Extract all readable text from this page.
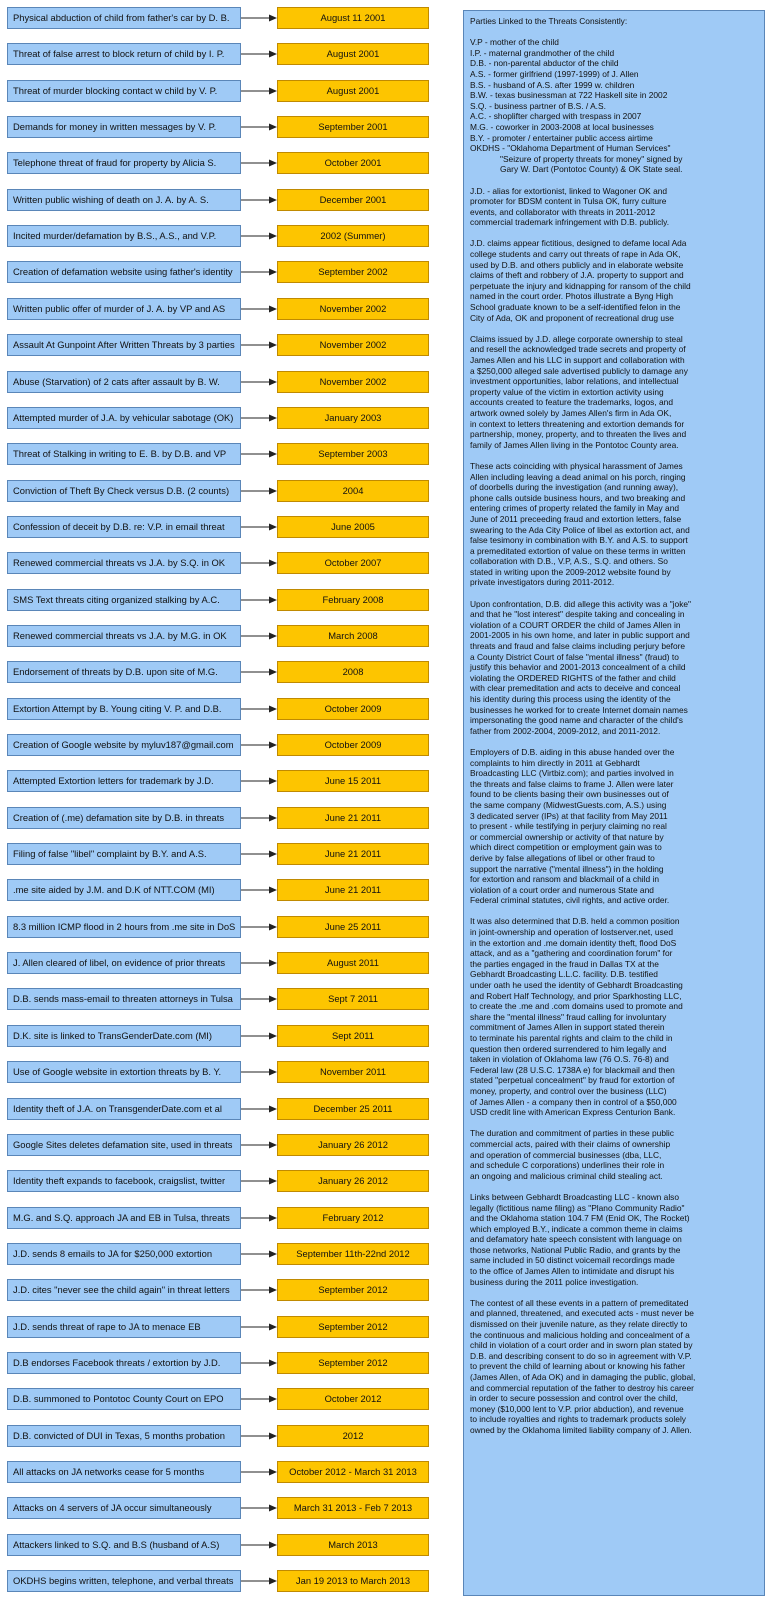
Physical abduction of child from father's car by D. B.	August 11 2001
Threat of false arrest to block return of child by I. P.	August 2001
Threat of murder blocking contact w child by V. P.	August 2001
Demands for money in written messages by V. P.	September 2001
Telephone threat of fraud for property by Alicia S.	October 2001
Written public wishing of death on J. A. by A. S.	December 2001
Incited murder/defamation by B.S., A.S., and V.P.	2002 (Summer)
Creation of defamation website using father's identity	September 2002
Written public offer of murder of J. A. by VP and AS	November 2002
Assault At Gunpoint After Written Threats by 3 parties	November 2002
Abuse (Starvation) of 2 cats after assault by B. W.	November 2002
Attempted murder of J.A. by vehicular sabotage (OK)	January 2003
Threat of Stalking in writing to E. B. by D.B. and VP	September 2003
Conviction of Theft By Check versus D.B. (2 counts)	2004
Confession of deceit by D.B. re: V.P. in email threat	June 2005
Renewed commercial threats vs J.A. by S.Q. in OK	October 2007
SMS Text threats citing organized stalking by A.C.	February 2008
Renewed commercial threats vs J.A. by M.G. in OK	March 2008
Endorsement of threats by D.B. upon site of M.G.	2008
Extortion Attempt by B. Young citing V. P. and D.B.	October 2009
Creation of Google website by myluv187@gmail.com	October 2009
Attempted Extortion letters for trademark by J.D.	June 15 2011
Creation of (.me) defamation site by D.B. in threats	June 21 2011
Filing of false "libel" complaint by B.Y. and A.S.	June 21 2011
.me site aided by J.M. and D.K of NTT.COM (MI)	June 21 2011
8.3 million ICMP flood in 2 hours from .me site in DoS	June 25 2011
J. Allen cleared of libel, on evidence of prior threats	August 2011
D.B. sends mass-email to threaten attorneys in Tulsa	Sept 7 2011
D.K. site is linked to TransGenderDate.com (MI)	Sept 2011
Use of Google website in extortion threats by B. Y.	November 2011
Identity theft of J.A. on TransgenderDate.com et al	December 25 2011
Google Sites deletes defamation site, used in threats	January 26 2012
Identity theft expands to facebook, craigslist, twitter	January 26 2012
M.G. and S.Q. approach JA and EB in Tulsa, threats	February 2012
J.D. sends 8 emails to JA for $250,000 extortion	September 11th-22nd 2012
J.D. cites "never see the child again" in threat letters	September 2012
J.D. sends threat of rape to JA to menace EB	September 2012
D.B endorses Facebook threats / extortion by J.D.	September 2012
D.B. summoned to Pontotoc County Court on EPO	October 2012
D.B. convicted of DUI in Texas, 5 months probation	2012
All attacks on JA networks cease for 5 months	October 2012 - March 31 2013
Attacks on 4 servers of JA occur simultaneously	March 31 2013 - Feb 7 2013
Attackers linked to S.Q. and B.S (husband of A.S)	March 2013
OKDHS begins written, telephone, and verbal threats	Jan 19 2013 to March 2013
Parties Linked to the Threats Consistently:
V.P - mother of the child
I.P. - maternal grandmother of the child
D.B. - non-parental abductor of the child
A.S. - former girlfriend (1997-1999) of J. Allen
B.S. - husband of A.S. after 1999 w. children
B.W. - texas businessman at 722 Haskell site in 2002
S.Q. - business partner of B.S. / A.S.
A.C. - shoplifter charged with trespass in 2007
M.G. - coworker in 2003-2008 at local businesses
B.Y. - promoter / entertainer public access airtime
OKDHS - "Oklahoma Department of Human Services"
"Seizure of property threats for money" signed by
Gary W. Dart (Pontotoc County) & OK State seal.
J.D. - alias for extortionist, linked to Wagoner OK and
promoter for BDSM content in Tulsa OK, furry culture
events, and collaborator with threats in 2011-2012
commercial trademark infringement with D.B. publicly.
J.D. claims appear fictitious, designed to defame local Ada
college students and carry out threats of rape in Ada OK,
used by D.B. and others publicly and in elaborate website
claims of theft and robbery of J.A. property to support and
perpetuate the injury and kidnapping for ransom of the child
named in the court order. Photos illustrate a Byng High
School graduate known to be a self-identified felon in the
City of Ada, OK and proponent of recreational drug use
Claims issued by J.D. allege corporate ownership to steal
and resell the acknowledged trade secrets and property of
James Allen and his LLC in support and collaboration with
a $250,000 alleged sale advertised publicly to damage any
investment opportunities, labor relations, and intellectual
property value of the victim in extortion activity using
accounts created to feature the trademarks, logos, and
artwork owned solely by James Allen's firm in Ada OK,
in context to letters threatening and extortion demands for
partnership, money, property, and to threaten the lives and
family of James Allen living in the Pontotoc County area.
These acts coinciding with physical harassment of James
Allen including leaving a dead animal on his porch, ringing
of doorbells during the investigation (and running away),
phone calls outside business hours, and two breaking and
entering crimes of property related the family in May and
June of 2011 preceeding fraud and extortion letters, false
swearing to the Ada City Police of libel as extortion act, and
false tesimony in combination with B.Y. and A.S. to support
a premeditated extortion of value on these terms in written
collaboration with D.B., V.P, A.S., S.Q. and others. So
stated in writing upon the 2009-2012 website found by
private investigators during 2011-2012.
Upon confrontation, D.B. did allege this activity was a "joke"
and that he "lost interest" despite taking and concealing in
violation of a COURT ORDER the child of James Allen in
2001-2005 in his own home, and later in public support and
threats and fraud and false claims including perjury before
a County District Court of false "mental illness" (fraud) to
justify this behavior and 2001-2013 concealment of a child
violating the ORDERED RIGHTS of the father and child
with clear premeditation and acts to deceive and conceal
his identity during this process using the identity of the
businesses he worked for to create Internet domain names
impersonating the good name and character of the child's
father from 2002-2004, 2009-2012, and 2011-2012.
Employers of D.B. aiding in this abuse handed over the
complaints to him directly in 2011 at Gebhardt
Broadcasting LLC (Virtbiz.com); and parties involved in
the threats and false claims to frame J. Allen were later
found to be clients basing their own businesses out of
the same company (MidwestGuests.com, A.S.) using
3 dedicated server (IPs) at that facility from May 2011
to present - while testifying in perjury claiming no real
or commercial ownership or activity of that nature by
which direct competition or employment gain was to
derive by false allegations of libel or other fraud to
support the narrative ("mental illness") in the holding
for extortion and ransom and blackmail of a child in
violation of a court order and numerous State and
Federal criminal statutes, civil rights, and active order.
It was also determined that D.B. held a common position
in joint-ownership and operation of lostserver.net, used
in the extortion and .me domain identity theft, flood DoS
attack, and as a "gathering and coordination forum" for
the parties engaged in the fraud in Dallas TX at the
Gebhardt Broadcasting L.L.C. facility. D.B. testified
under oath he used the identity of Gebhardt Broadcasting
and Robert Half Technology, and prior Sparkhosting LLC,
to create the .me and .com domains used to promote and
share the "mental illness" fraud calling for involuntary
commitment of James Allen in support stated therein
to terminate his parental rights and claim to the child in
question then ordered surrendered to him legally and
taken in violation of Oklahoma law (76 O.S. 76-8) and
Federal law (28 U.S.C. 1738A e) for blackmail and then
stated "perpetual concealment" by fraud for extortion of
money, property, and control over the business (LLC)
of James Allen - a company then in control of a $50,000
USD credit line with American Express Centurion Bank.
The duration and commitment of parties in these public
commercial acts, paired with their claims of ownership
and operation of commercial businesses (dba, LLC,
and schedule C corporations) underlines their role in
an ongoing and malicious criminal child stealing act.
Links between Gebhardt Broadcasting LLC - known also
legally (fictitious name filing) as "Plano Community Radio"
and the Oklahoma station 104.7 FM (Enid OK, The Rocket)
which employed B.Y., indicate a common theme in claims
and defamatory hate speech consistent with language on
those networks, National Public Radio, and grants by the
same included in 50 distinct voicemail recordings made
to the office of James Allen to intimidate and disrupt his
business during the 2011 police investigation.
The contest of all these events in a pattern of premeditated
and planned, threatened, and executed acts - must never be
dismissed on their juvenile nature, as they relate directly to
the continuous and malicious holding and concealment of a
child in violation of a court order and in sworn plan stated by
D.B. and describing consent to do so in agreement with V.P.
to prevent the child of learning about or knowing his father
(James Allen, of Ada OK) and in damaging the public, global,
and commercial reputation of the father to destroy his career
in order to secure possession and control over the child,
money ($10,000 lent to V.P. prior abduction), and revenue
to include royalties and rights to trademark products solely
owned by the Oklahoma limited liability company of J. Allen.
